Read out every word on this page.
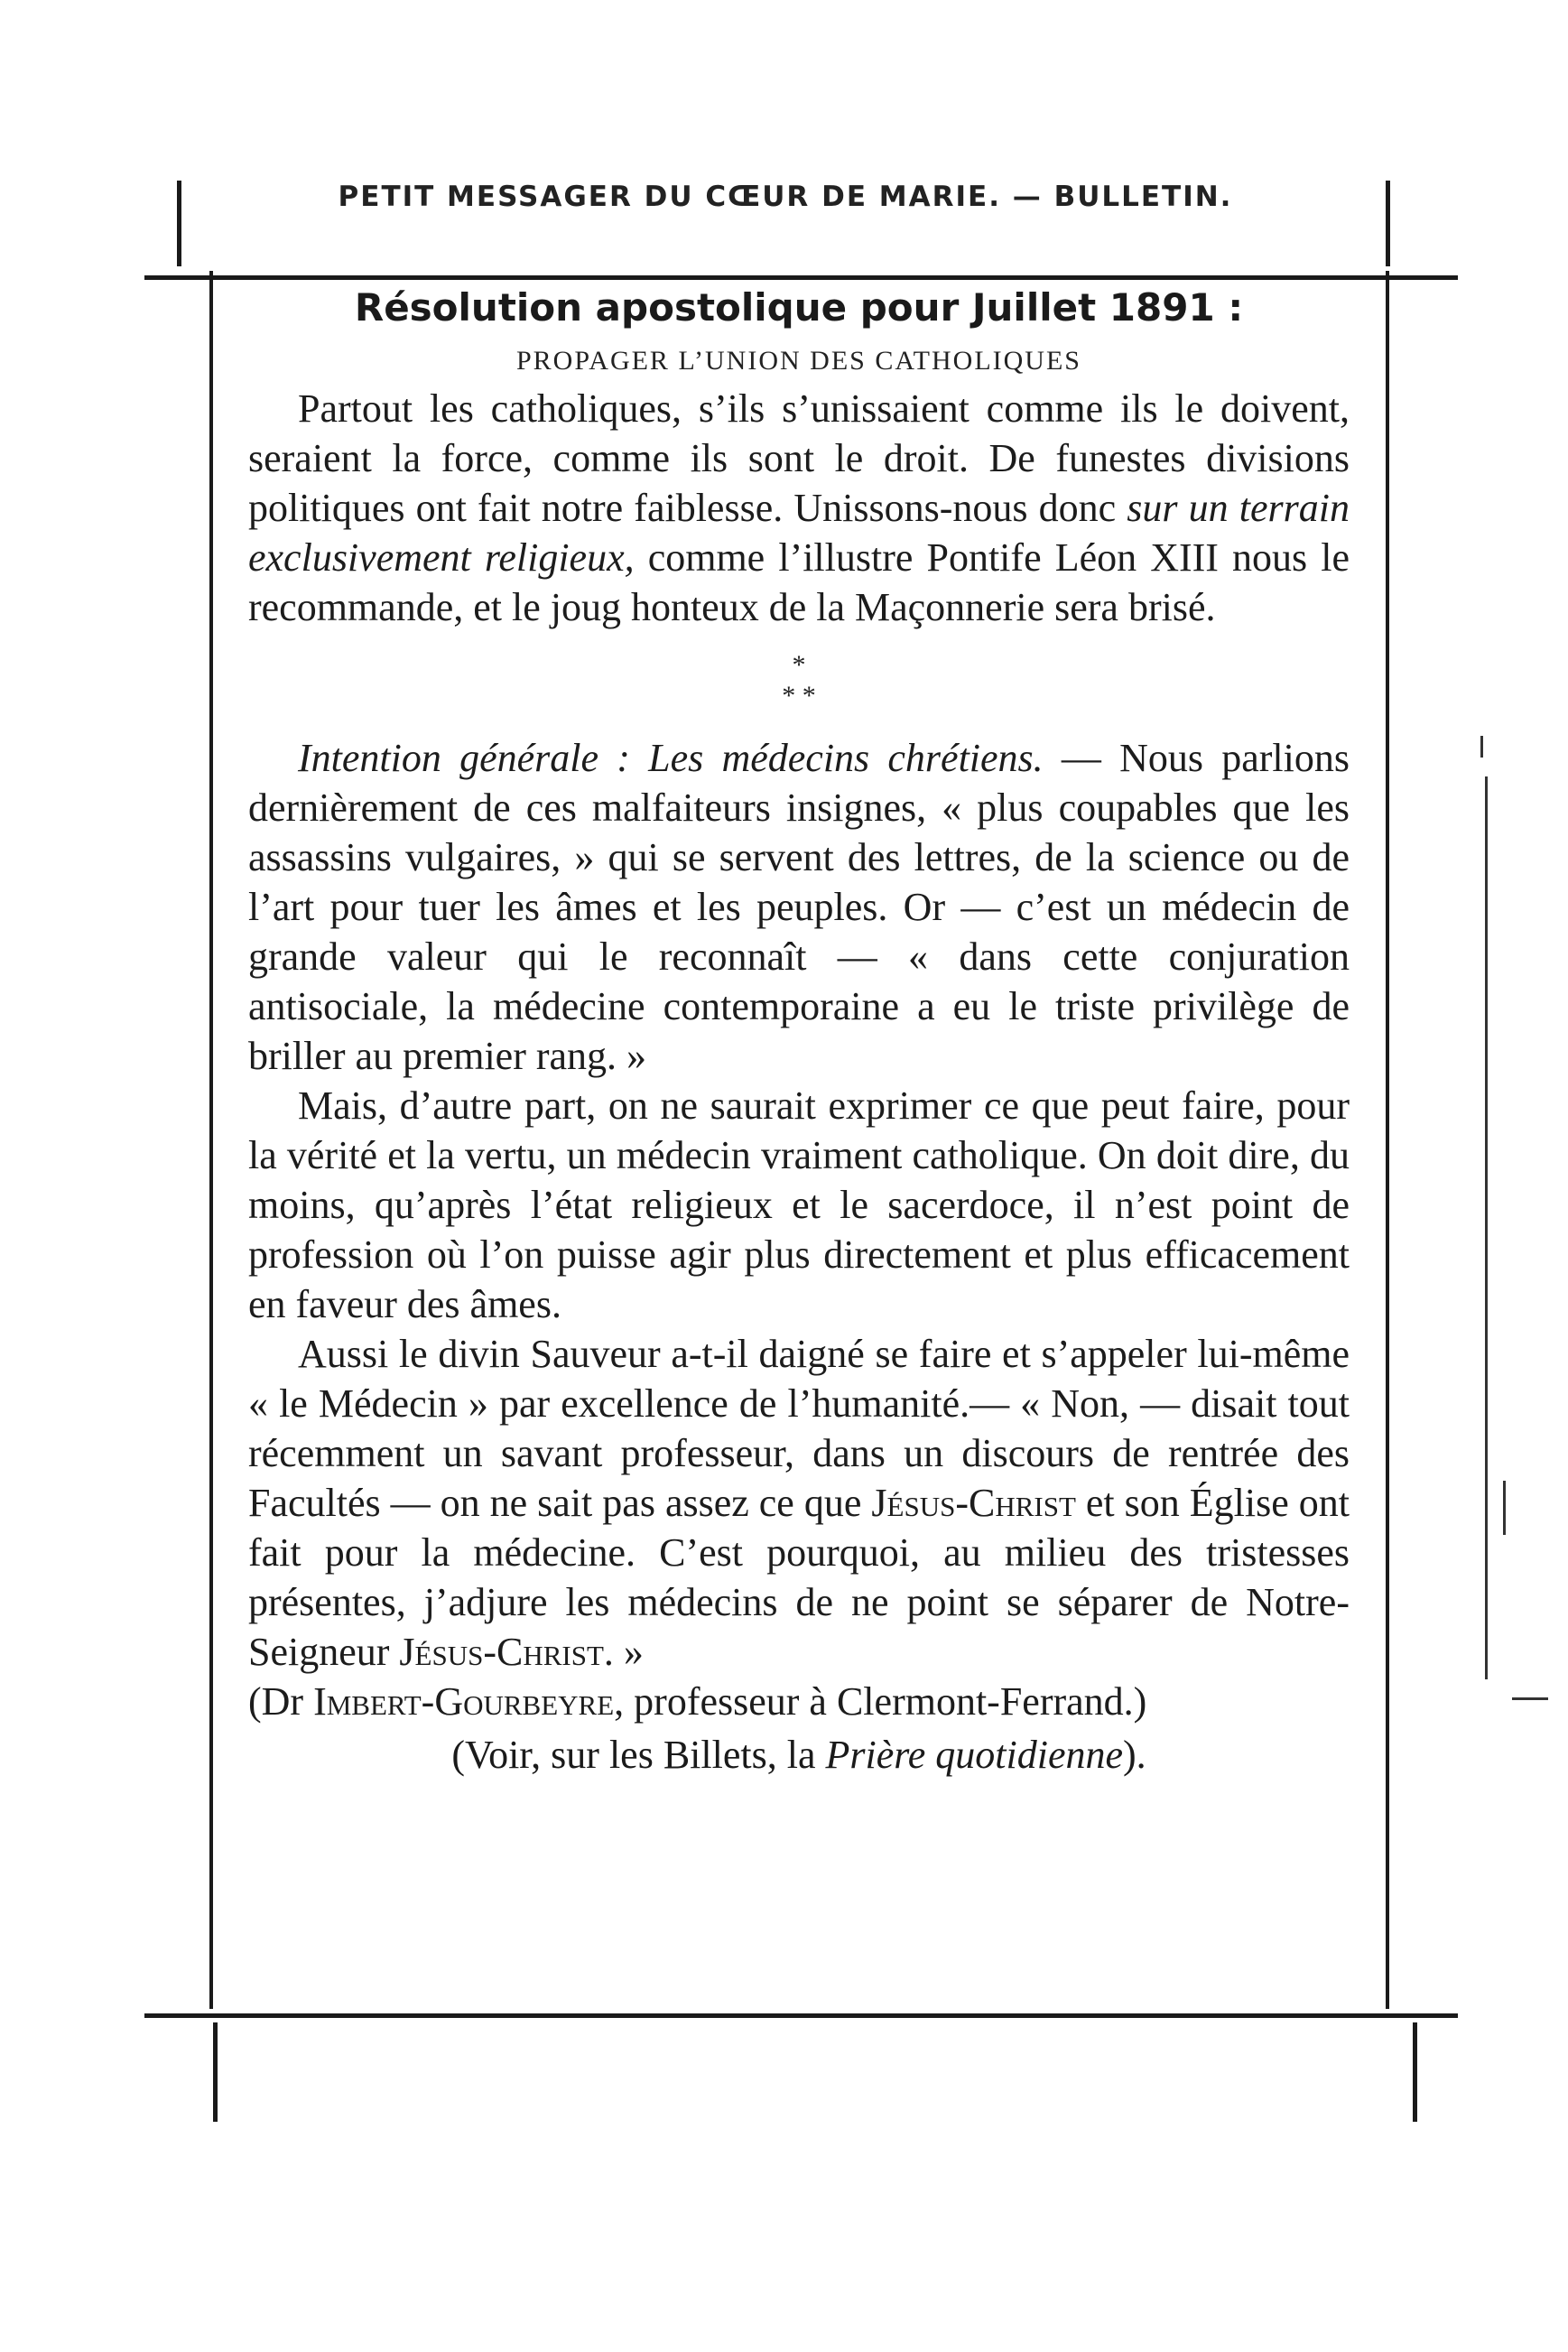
PETIT MESSAGER DU CŒUR DE MARIE. — BULLETIN.
Résolution apostolique pour Juillet 1891 :
PROPAGER L’UNION DES CATHOLIQUES

Partout les catholiques, s’ils s’unissaient comme ils le doivent, seraient la force, comme ils sont le droit. De funestes divisions politiques ont fait notre faiblesse. Unissons-nous donc sur un terrain exclusivement religieux, comme l’illustre Pontife Léon XIII nous le recommande, et le joug honteux de la Maçonnerie sera brisé.

*
* *

Intention générale : Les médecins chrétiens. — Nous parlions dernièrement de ces malfaiteurs insignes, « plus coupables que les assassins vulgaires, » qui se servent des lettres, de la science ou de l’art pour tuer les âmes et les peuples. Or — c’est un médecin de grande valeur qui le reconnaît — « dans cette conjuration antisociale, la médecine contemporaine a eu le triste privilège de briller au premier rang. »

Mais, d’autre part, on ne saurait exprimer ce que peut faire, pour la vérité et la vertu, un médecin vraiment catholique. On doit dire, du moins, qu’après l’état religieux et le sacerdoce, il n’est point de profession où l’on puisse agir plus directement et plus efficacement en faveur des âmes.

Aussi le divin Sauveur a-t-il daigné se faire et s’appeler lui-même « le Médecin » par excellence de l’humanité.— « Non, — disait tout récemment un savant professeur, dans un discours de rentrée des Facultés — on ne sait pas assez ce que Jésus-Christ et son Église ont fait pour la médecine. C’est pourquoi, au milieu des tristesses présentes, j’adjure les médecins de ne point se séparer de Notre-Seigneur Jésus-Christ. »

(Dr Imbert-Gourbeyre, professeur à Clermont-Ferrand.)

(Voir, sur les Billets, la Prière quotidienne).
